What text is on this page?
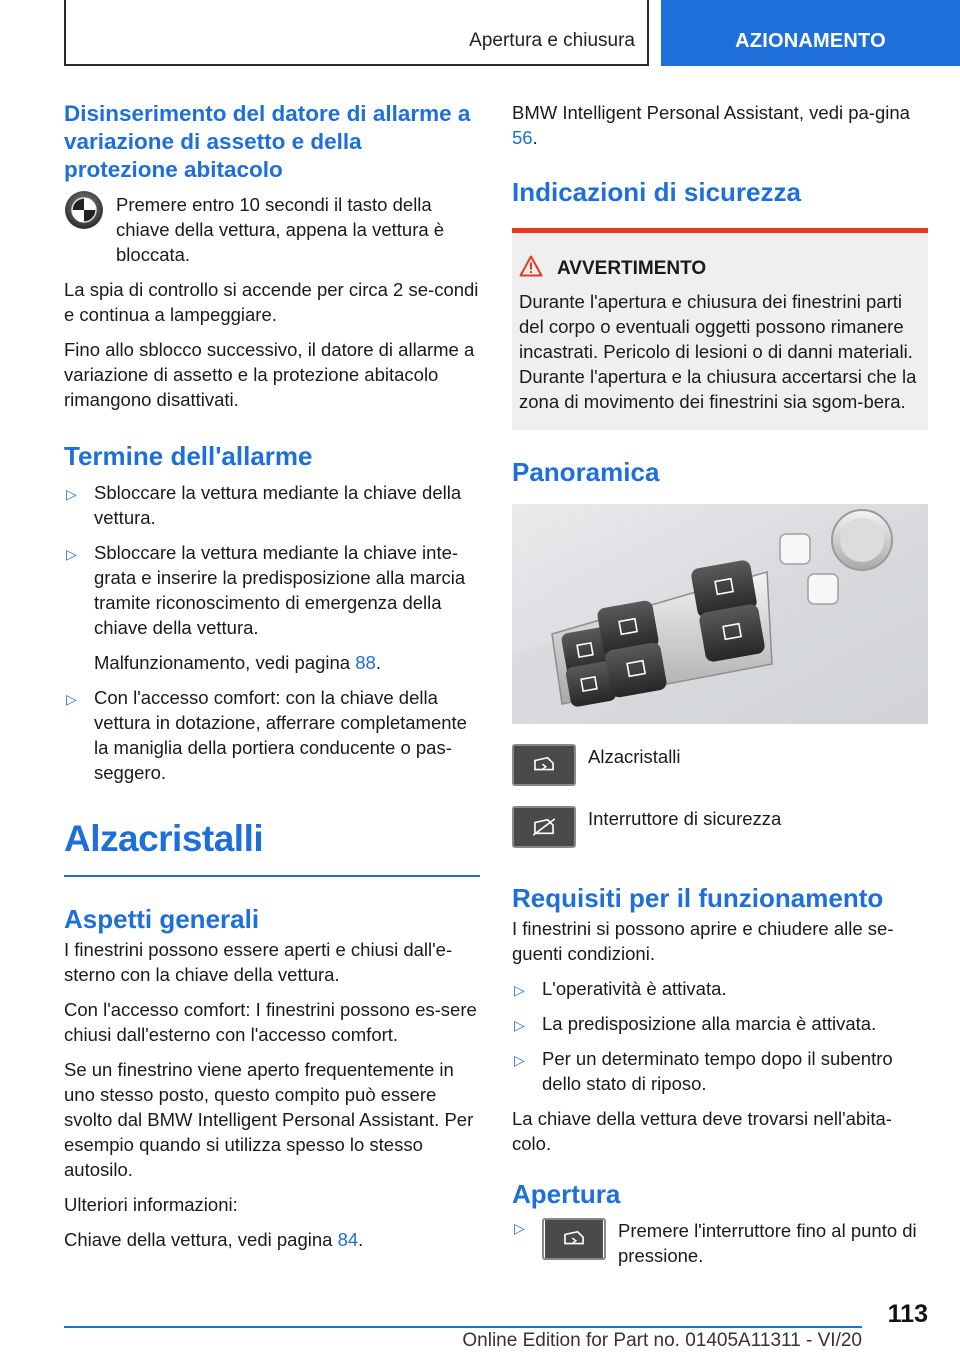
Apertura e chiusura	AZIONAMENTO
Disinserimento del datore di allarme a variazione di assetto e della protezione abitacolo

Premere entro 10 secondi il tasto della chiave della vettura, appena la vettura è bloccata.

La spia di controllo si accende per circa 2 se-condi e continua a lampeggiare.

Fino allo sblocco successivo, il datore di allarme a variazione di assetto e la protezione abitacolo rimangono disattivati.

Termine dell'allarme
▷ Sbloccare la vettura mediante la chiave della vettura.
▷ Sbloccare la vettura mediante la chiave inte-grata e inserire la predisposizione alla marcia tramite riconoscimento di emergenza della chiave della vettura.

Malfunzionamento, vedi pagina 88.

▷ Con l'accesso comfort: con la chiave della vettura in dotazione, afferrare completamente la maniglia della portiera conducente o pas-seggero.
Alzacristalli
Aspetti generali

I finestrini possono essere aperti e chiusi dall'e-sterno con la chiave della vettura.

Con l'accesso comfort: I finestrini possono es-sere chiusi dall'esterno con l'accesso comfort.

Se un finestrino viene aperto frequentemente in uno stesso posto, questo compito può essere svolto dal BMW Intelligent Personal Assistant. Per esempio quando si utilizza spesso lo stesso autosilo.

Ulteriori informazioni:

Chiave della vettura, vedi pagina 84.

BMW Intelligent Personal Assistant, vedi pa-gina 56.

Indicazioni di sicurezza
AVVERTIMENTO

Durante l'apertura e chiusura dei finestrini parti del corpo o eventuali oggetti possono rimanere incastrati. Pericolo di lesioni o di danni materiali. Durante l'apertura e la chiusura accertarsi che la zona di movimento dei finestrini sia sgom-bera.

Panoramica

Alzacristalli

Interruttore di sicurezza

Requisiti per il funzionamento

I finestrini si possono aprire e chiudere alle se-guenti condizioni.

▷ L'operatività è attivata.
▷ La predisposizione alla marcia è attivata.
▷ Per un determinato tempo dopo il subentro dello stato di riposo.

La chiave della vettura deve trovarsi nell'abita-colo.

Apertura
▷	Premere l'interruttore fino al punto di pressione.

113
Online Edition for Part no. 01405A11311 - VI/20
